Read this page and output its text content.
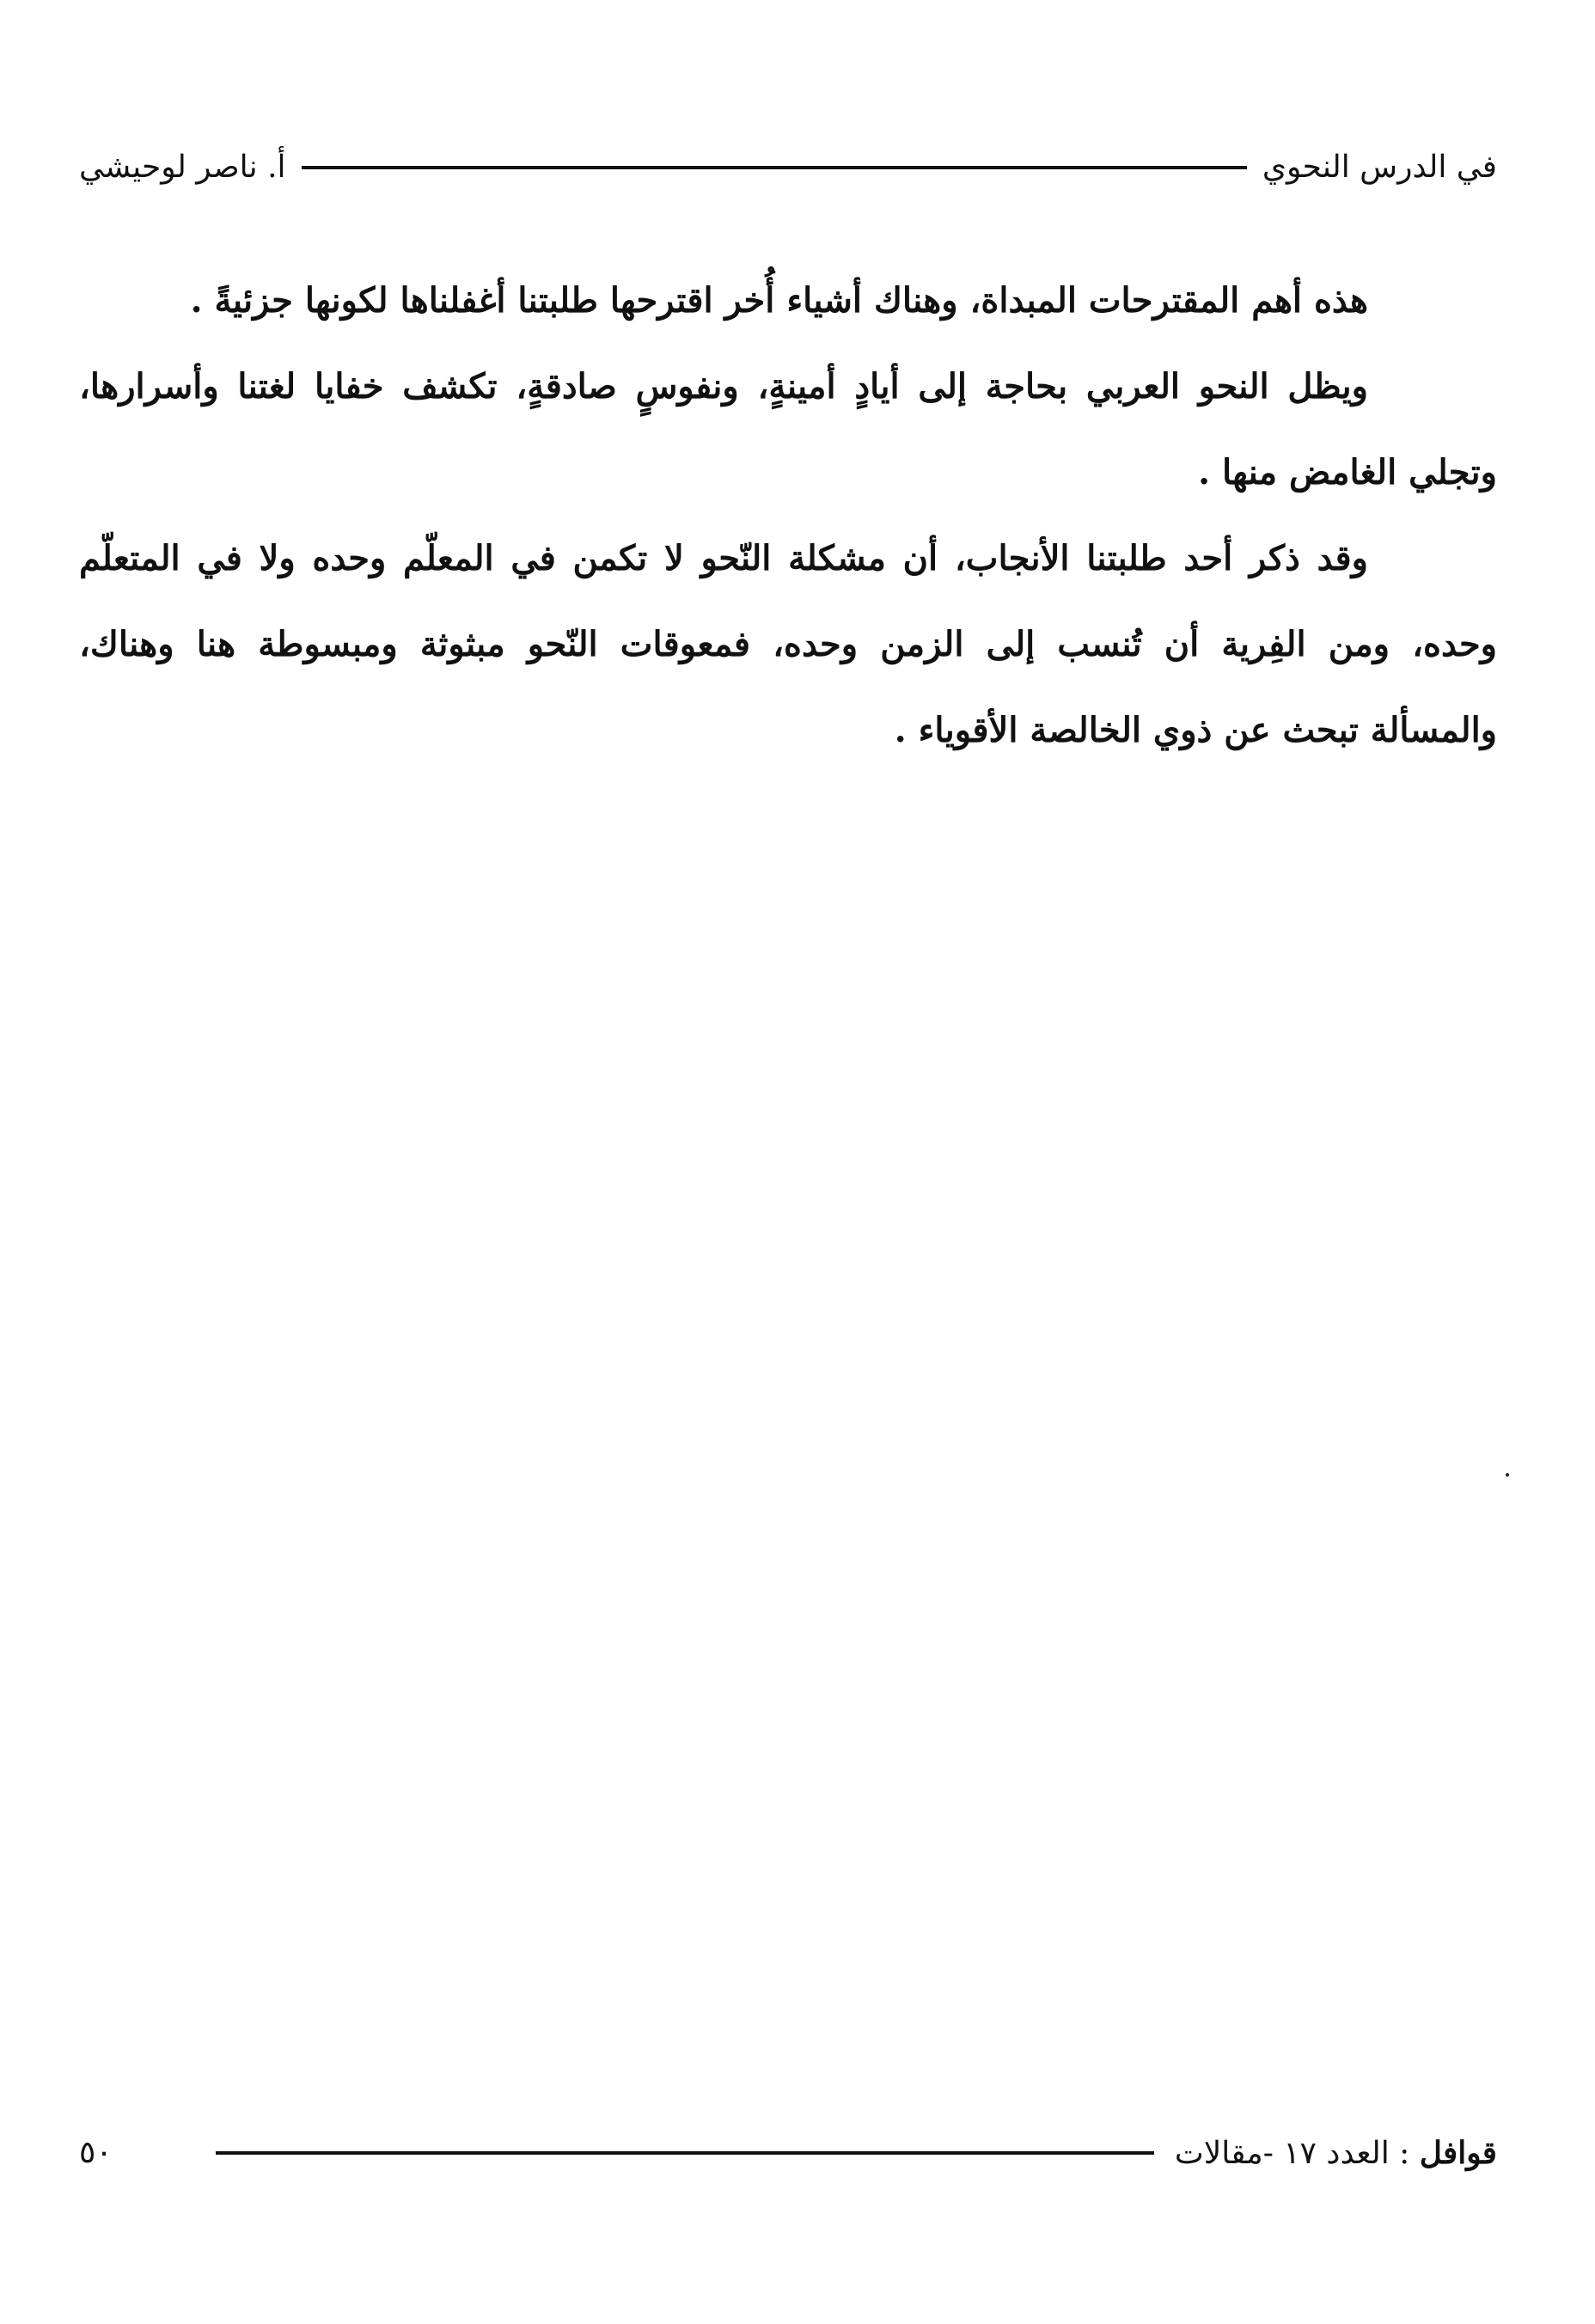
في الدرس النحوي
أ. ناصر لوحيشي

هذه أهم المقترحات المبداة، وهناك أشياء أُخر اقترحها طلبتنا أغفلناها لكونها جزئيةً .

ويظل النحو العربي بحاجة إلى أيادٍ أمينةٍ، ونفوسٍ صادقةٍ، تكشف خفايا لغتنا وأسرارها، وتجلي الغامض منها .

وقد ذكر أحد طلبتنا الأنجاب، أن مشكلة النّحو لا تكمن في المعلّم وحده ولا في المتعلّم وحده، ومن الفِرية أن تُنسب إلى الزمن وحده، فمعوقات النّحو مبثوثة ومبسوطة هنا وهناك، والمسألة تبحث عن ذوي الخالصة الأقوياء .

قوافل : العدد ١٧ -مقالات
٥٠
